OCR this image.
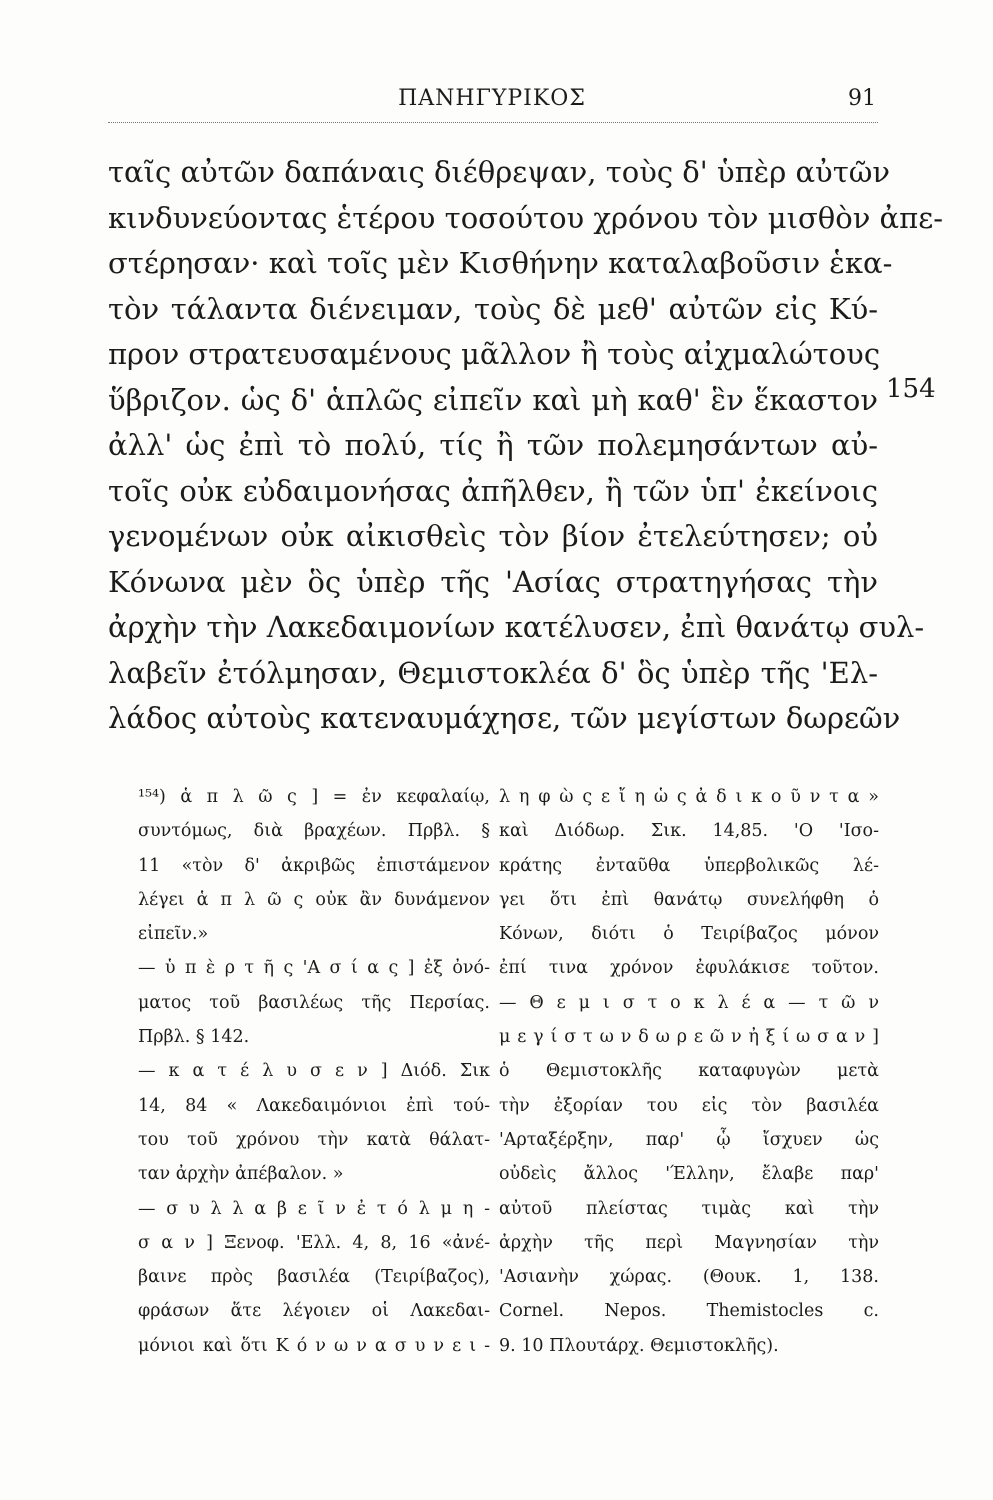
ΠΑΝΗΓΥΡΙΚΟΣ	91
ταῖς αὐτῶν δαπάναις διέθρεψαν, τοὺς δ' ὑπὲρ αὐτῶν
κινδυνεύοντας ἑτέρου τοσούτου χρόνου τὸν μισθὸν ἀπε-
στέρησαν· καὶ τοῖς μὲν Κισθήνην καταλαβοῦσιν ἑκα-
τὸν τάλαντα διένειμαν, τοὺς δὲ μεθ' αὐτῶν εἰς Κύ-
προν στρατευσαμένους μᾶλλον ἢ τοὺς αἰχμαλώτους
ὕβριζον. ὡς δ' ἁπλῶς εἰπεῖν καὶ μὴ καθ' ἓν ἕκαστον
ἀλλ' ὡς ἐπὶ τὸ πολύ, τίς ἢ τῶν πολεμησάντων αὐ-
τοῖς οὐκ εὐδαιμονήσας ἀπῆλθεν, ἢ τῶν ὑπ' ἐκείνοις
γενομένων οὐκ αἰκισθεὶς τὸν βίον ἐτελεύτησεν; οὐ
Κόνωνα μὲν ὃς ὑπὲρ τῆς 'Ασίας στρατηγήσας τὴν
ἀρχὴν τὴν Λακεδαιμονίων κατέλυσεν, ἐπὶ θανάτῳ συλ-
λαβεῖν ἐτόλμησαν, Θεμιστοκλέα δ' ὃς ὑπὲρ τῆς 'Ελ-
λάδος αὐτοὺς κατεναυμάχησε, τῶν μεγίστων δωρεῶν
154
¹⁵⁴) ἁ π λ ῶ ς ] = ἐν κεφαλαίῳ,
συντόμως, διὰ βραχέων. Πρβλ. §
11 «τὸν δ' ἀκριβῶς ἐπιστάμενον
λέγει ἁ π λ ῶ ς οὐκ ἂν δυνάμενον
εἰπεῖν.»
— ὑ π ὲ ρ τ ῆ ς 'Α σ ί α ς ] ἐξ ὀνό-
ματος τοῦ βασιλέως τῆς Περσίας.
Πρβλ. § 142.
— κ α τ έ λ υ σ ε ν ] Διόδ. Σικ
14, 84 « Λακεδαιμόνιοι ἐπὶ τού-
του τοῦ χρόνου τὴν κατὰ θάλατ-
ταν ἀρχὴν ἀπέβαλον. »
— σ υ λ λ α β ε ῖ ν ἐ τ ό λ μ η -
σ α ν ] Ξενοφ. 'Ελλ. 4, 8, 16 «ἀνέ-
βαινε πρὸς βασιλέα (Τειρίβαζος),
φράσων ἅτε λέγοιεν οἱ Λακεδαι-
μόνιοι καὶ ὅτι Κ ό ν ω ν α σ υ ν ε ι -
λ η φ ὼ ς ε ἴ η ὡ ς ἀ δ ι κ ο ῦ ν τ α »
καὶ Διόδωρ. Σικ. 14,85. 'Ο 'Ισο-
κράτης ἐνταῦθα ὑπερβολικῶς λέ-
γει ὅτι ἐπὶ θανάτῳ συνελήφθη ὁ
Κόνων, διότι ὁ Τειρίβαζος μόνον
ἐπί τινα χρόνον ἐφυλάκισε τοῦτον.
— Θ ε μ ι σ τ ο κ λ έ α — τ ῶ ν
μ ε γ ί σ τ ω ν δ ω ρ ε ῶ ν ἠ ξ ί ω σ α ν ]
ὁ Θεμιστοκλῆς καταφυγὼν μετὰ
τὴν ἐξορίαν του εἰς τὸν βασιλέα
'Αρταξέρξην, παρ' ᾧ ἴσχυεν ὡς
οὐδεὶς ἄλλος 'Έλλην, ἔλαβε παρ'
αὐτοῦ πλείστας τιμὰς καὶ τὴν
ἀρχὴν τῆς περὶ Μαγνησίαν τὴν
'Ασιανὴν χώρας. (Θουκ. 1, 138.
Cornel. Nepos. Themistocles c.
9. 10 Πλουτάρχ. Θεμιστοκλῆς).
